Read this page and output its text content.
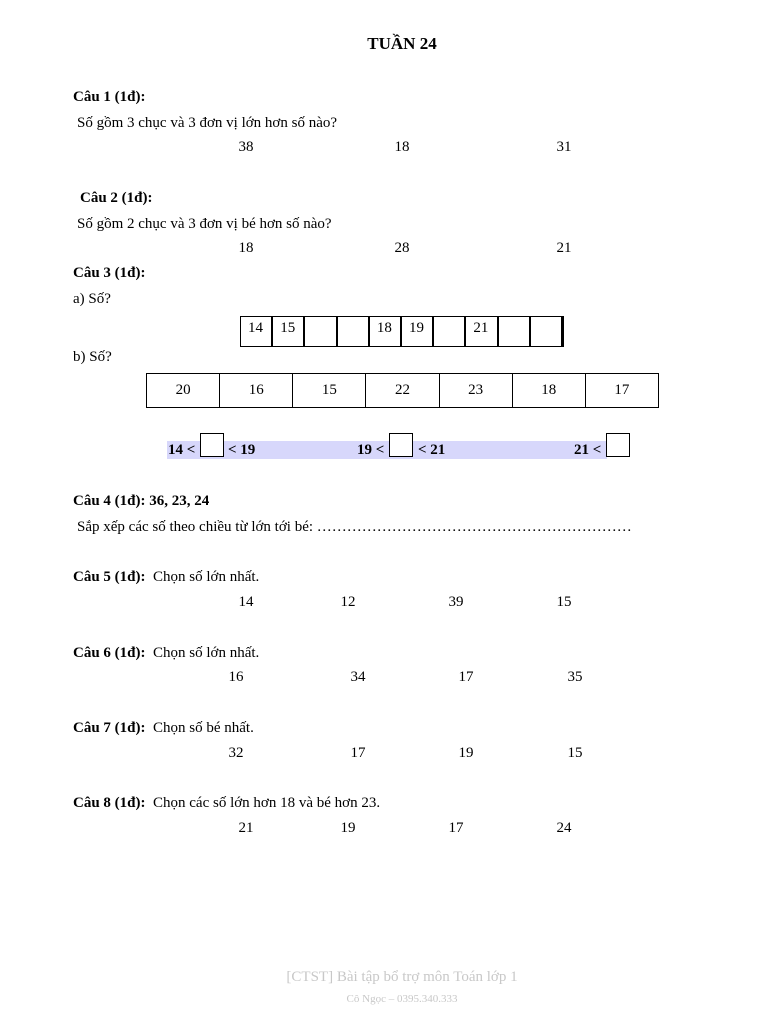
TUẦN 24
Câu 1 (1đ):
Số gồm 3 chục và 3 đơn vị lớn hơn số nào?
38	18	31
Câu 2 (1đ):
Số gồm 2 chục và 3 đơn vị bé hơn số nào?
18	28	21
Câu 3 (1đ):
a) Số?
14	15	18	19	21
b) Số?
20	16	15	22	23	18	17
14 < < 19	19 < < 21	21 <
Câu 4 (1đ): 36, 23, 24
Sắp xếp các số theo chiều từ lớn tới bé: ………………………………………………………
Câu 5 (1đ): Chọn số lớn nhất.
14	12	39	15
Câu 6 (1đ): Chọn số lớn nhất.
16	34	17	35
Câu 7 (1đ): Chọn số bé nhất.
32	17	19	15
Câu 8 (1đ): Chọn các số lớn hơn 18 và bé hơn 23.
21	19	17	24
[CTST] Bài tập bổ trợ môn Toán lớp 1
Cô Ngọc – 0395.340.333
